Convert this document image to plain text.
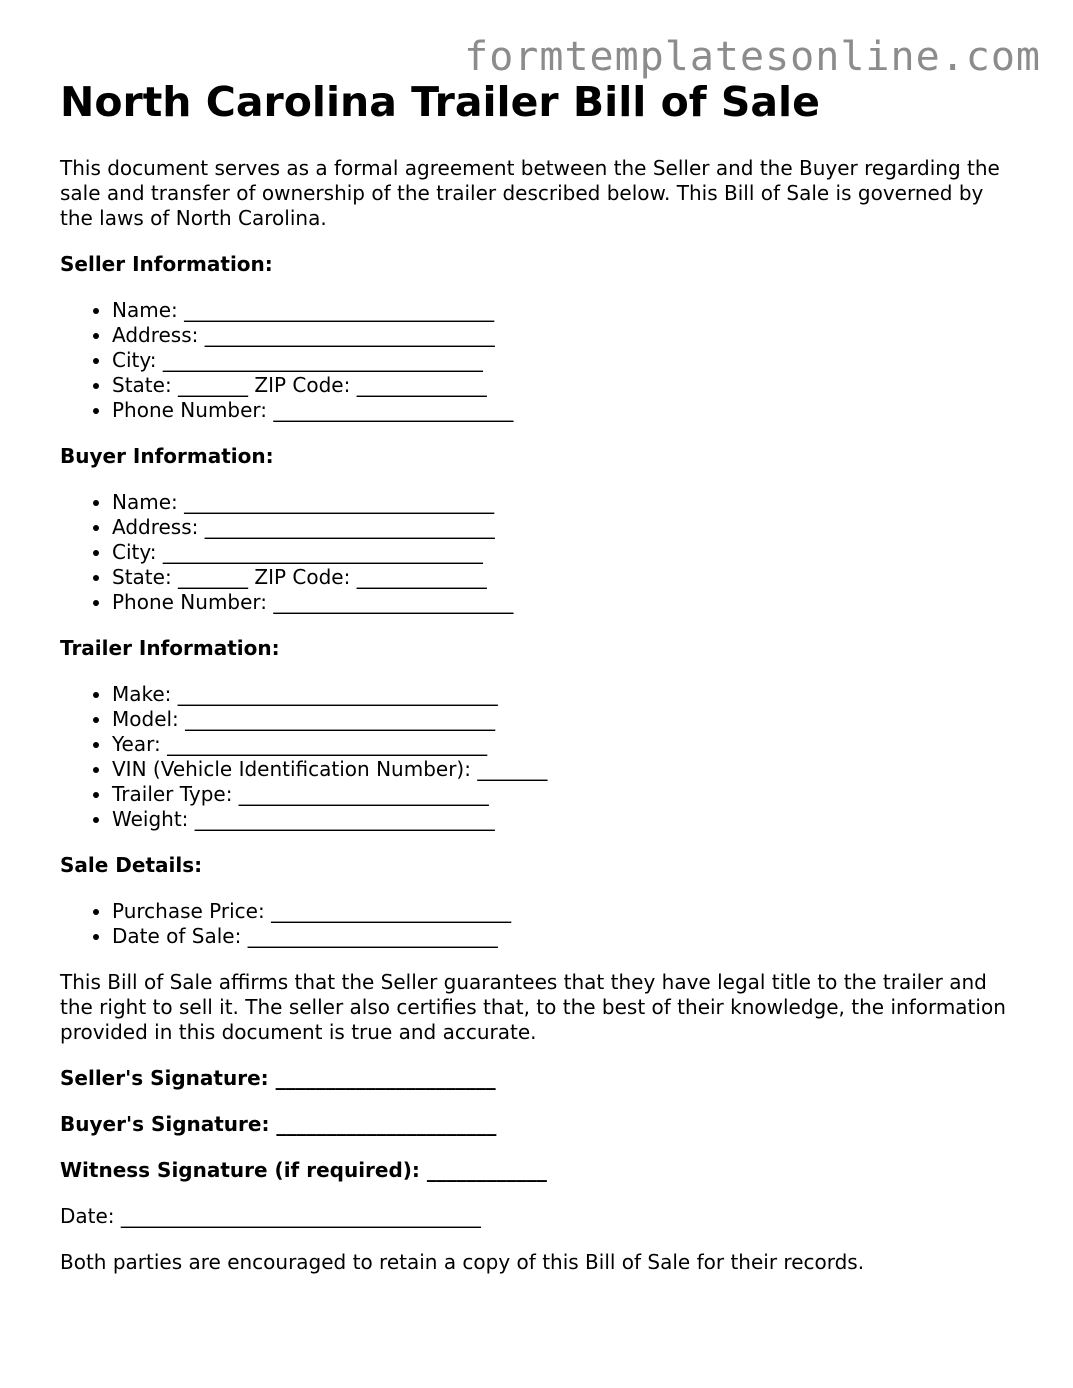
formtemplatesonline.com
North Carolina Trailer Bill of Sale

This document serves as a formal agreement between the Seller and the Buyer regarding the sale and transfer of ownership of the trailer described below. This Bill of Sale is governed by the laws of North Carolina.

Seller Information:

• Name: _______________________________
• Address: _____________________________
• City: ________________________________
• State: _______ ZIP Code: _____________
• Phone Number: ________________________

Buyer Information:

• Name: _______________________________
• Address: _____________________________
• City: ________________________________
• State: _______ ZIP Code: _____________
• Phone Number: ________________________

Trailer Information:

• Make: ________________________________
• Model: _______________________________
• Year: ________________________________
• VIN (Vehicle Identification Number): _______
• Trailer Type: _________________________
• Weight: ______________________________

Sale Details:

• Purchase Price: ________________________
• Date of Sale: _________________________

This Bill of Sale affirms that the Seller guarantees that they have legal title to the trailer and the right to sell it. The seller also certifies that, to the best of their knowledge, the information provided in this document is true and accurate.

Seller's Signature: ______________________

Buyer's Signature: ______________________

Witness Signature (if required): ____________

Date: ____________________________________

Both parties are encouraged to retain a copy of this Bill of Sale for their records.
